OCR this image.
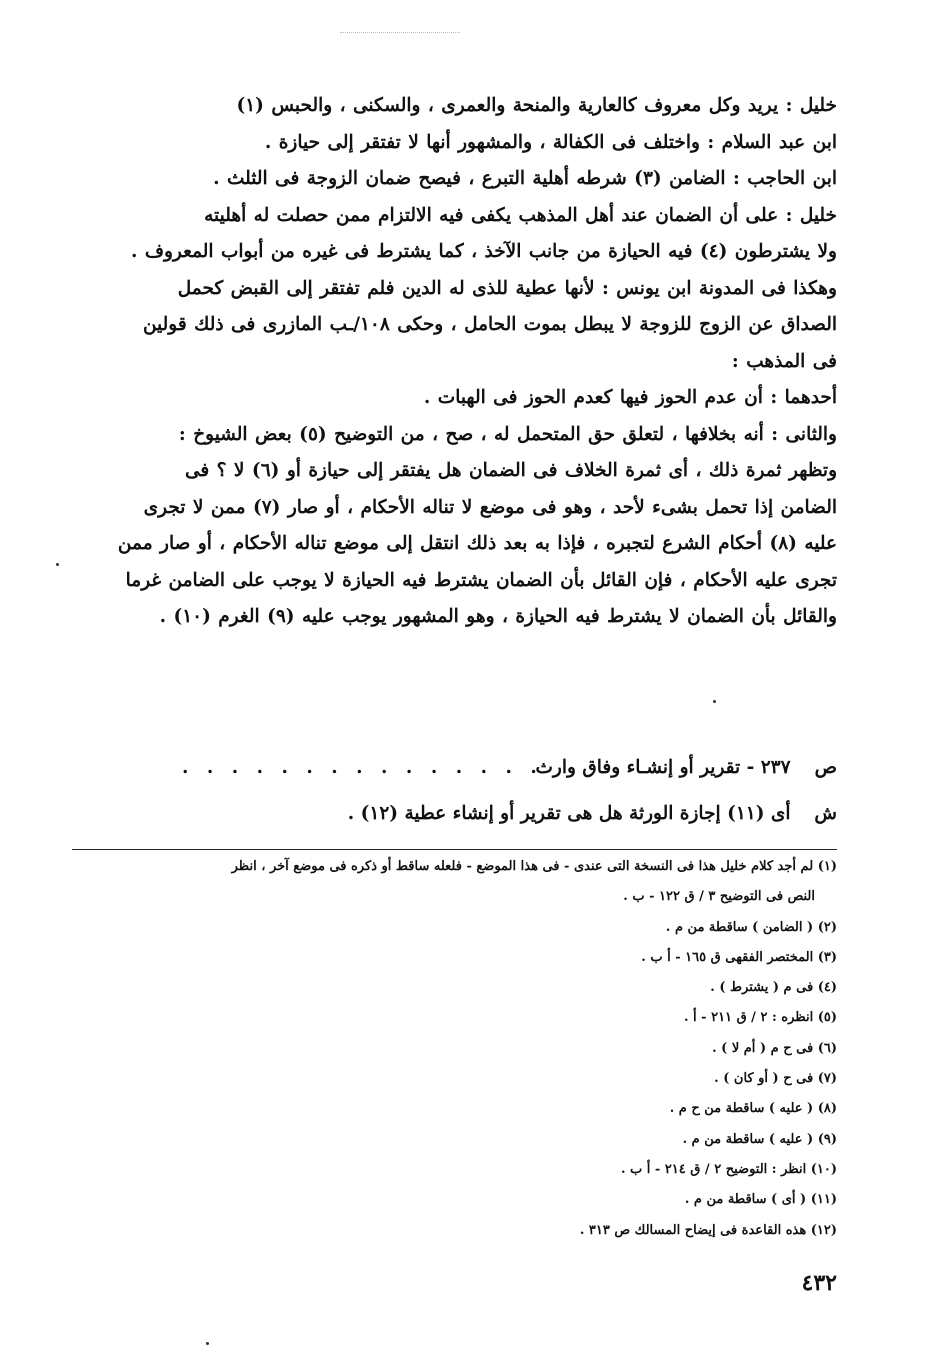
خليل : يريد وكل معروف كالعارية والمنحة والعمرى ، والسكنى ، والحبس (١)

ابن عبد السلام : واختلف فى الكفالة ، والمشهور أنها لا تفتقر إلى حيازة .

ابن الحاجب : الضامن (٣) شرطه أهلية التبرع ، فيصح ضمان الزوجة فى الثلث .

خليل : على أن الضمان عند أهل المذهب يكفى فيه الالتزام ممن حصلت له أهليته
ولا يشترطون (٤) فيه الحيازة من جانب الآخذ ، كما يشترط فى غيره من أبواب المعروف .

وهكذا فى المدونة ابن يونس : لأنها عطية للذى له الدين فلم تفتقر إلى القبض كحمل
الصداق عن الزوج للزوجة لا يبطل بموت الحامل ، وحكى ١٠٨/ـب المازرى فى ذلك قولين
فى المذهب :

أحدهما : أن عدم الحوز فيها كعدم الحوز فى الهبات .

والثانى : أنه بخلافها ، لتعلق حق المتحمل له ، صح ، من التوضيح (٥) بعض الشيوخ :

وتظهر ثمرة ذلك ، أى ثمرة الخلاف فى الضمان هل يفتقر إلى حيازة أو (٦) لا ؟ فى
الضامن إذا تحمل بشىء لأحد ، وهو فى موضع لا تناله الأحكام ، أو صار (٧) ممن لا تجرى
عليه (٨) أحكام الشرع لتجبره ، فإذا به بعد ذلك انتقل إلى موضع تناله الأحكام ، أو صار ممن
تجرى عليه الأحكام ، فإن القائل بأن الضمان يشترط فيه الحيازة لا يوجب على الضامن غرما
والقائل بأن الضمان لا يشترط فيه الحيازة ، وهو المشهور يوجب عليه (٩) الغرم (١٠) .

ص ٢٣٧ - تقرير أو إنشـاء وفاق وارث
. . . . . . . . . . . . . . .
ش أى (١١) إجازة الورثة هل هى تقرير أو إنشاء عطية (١٢) .

(١) لم أجد كلام خليل هذا فى النسخة التى عندى - فى هذا الموضع - فلعله ساقط أو ذكره فى موضع آخر ، انظر
النص فى التوضيح ٣ / ق ١٢٢ - ب .

(٢) ( الضامن ) ساقطة من م .

(٣) المختصر الفقهى ق ١٦٥ - أ ب .

(٤) فى م ( يشترط ) .

(٥) انظره : ٢ / ق ٢١١ - أ .

(٦) فى ح م ( أم لا ) .

(٧) فى ح ( أو كان ) .

(٨) ( عليه ) ساقطة من ح م .

(٩) ( عليه ) ساقطة من م .

(١٠) انظر : التوضيح ٢ / ق ٢١٤ - أ ب .

(١١) ( أى ) ساقطة من م .

(١٢) هذه القاعدة فى إيضاح المسالك ص ٣١٣ .

٤٣٢
